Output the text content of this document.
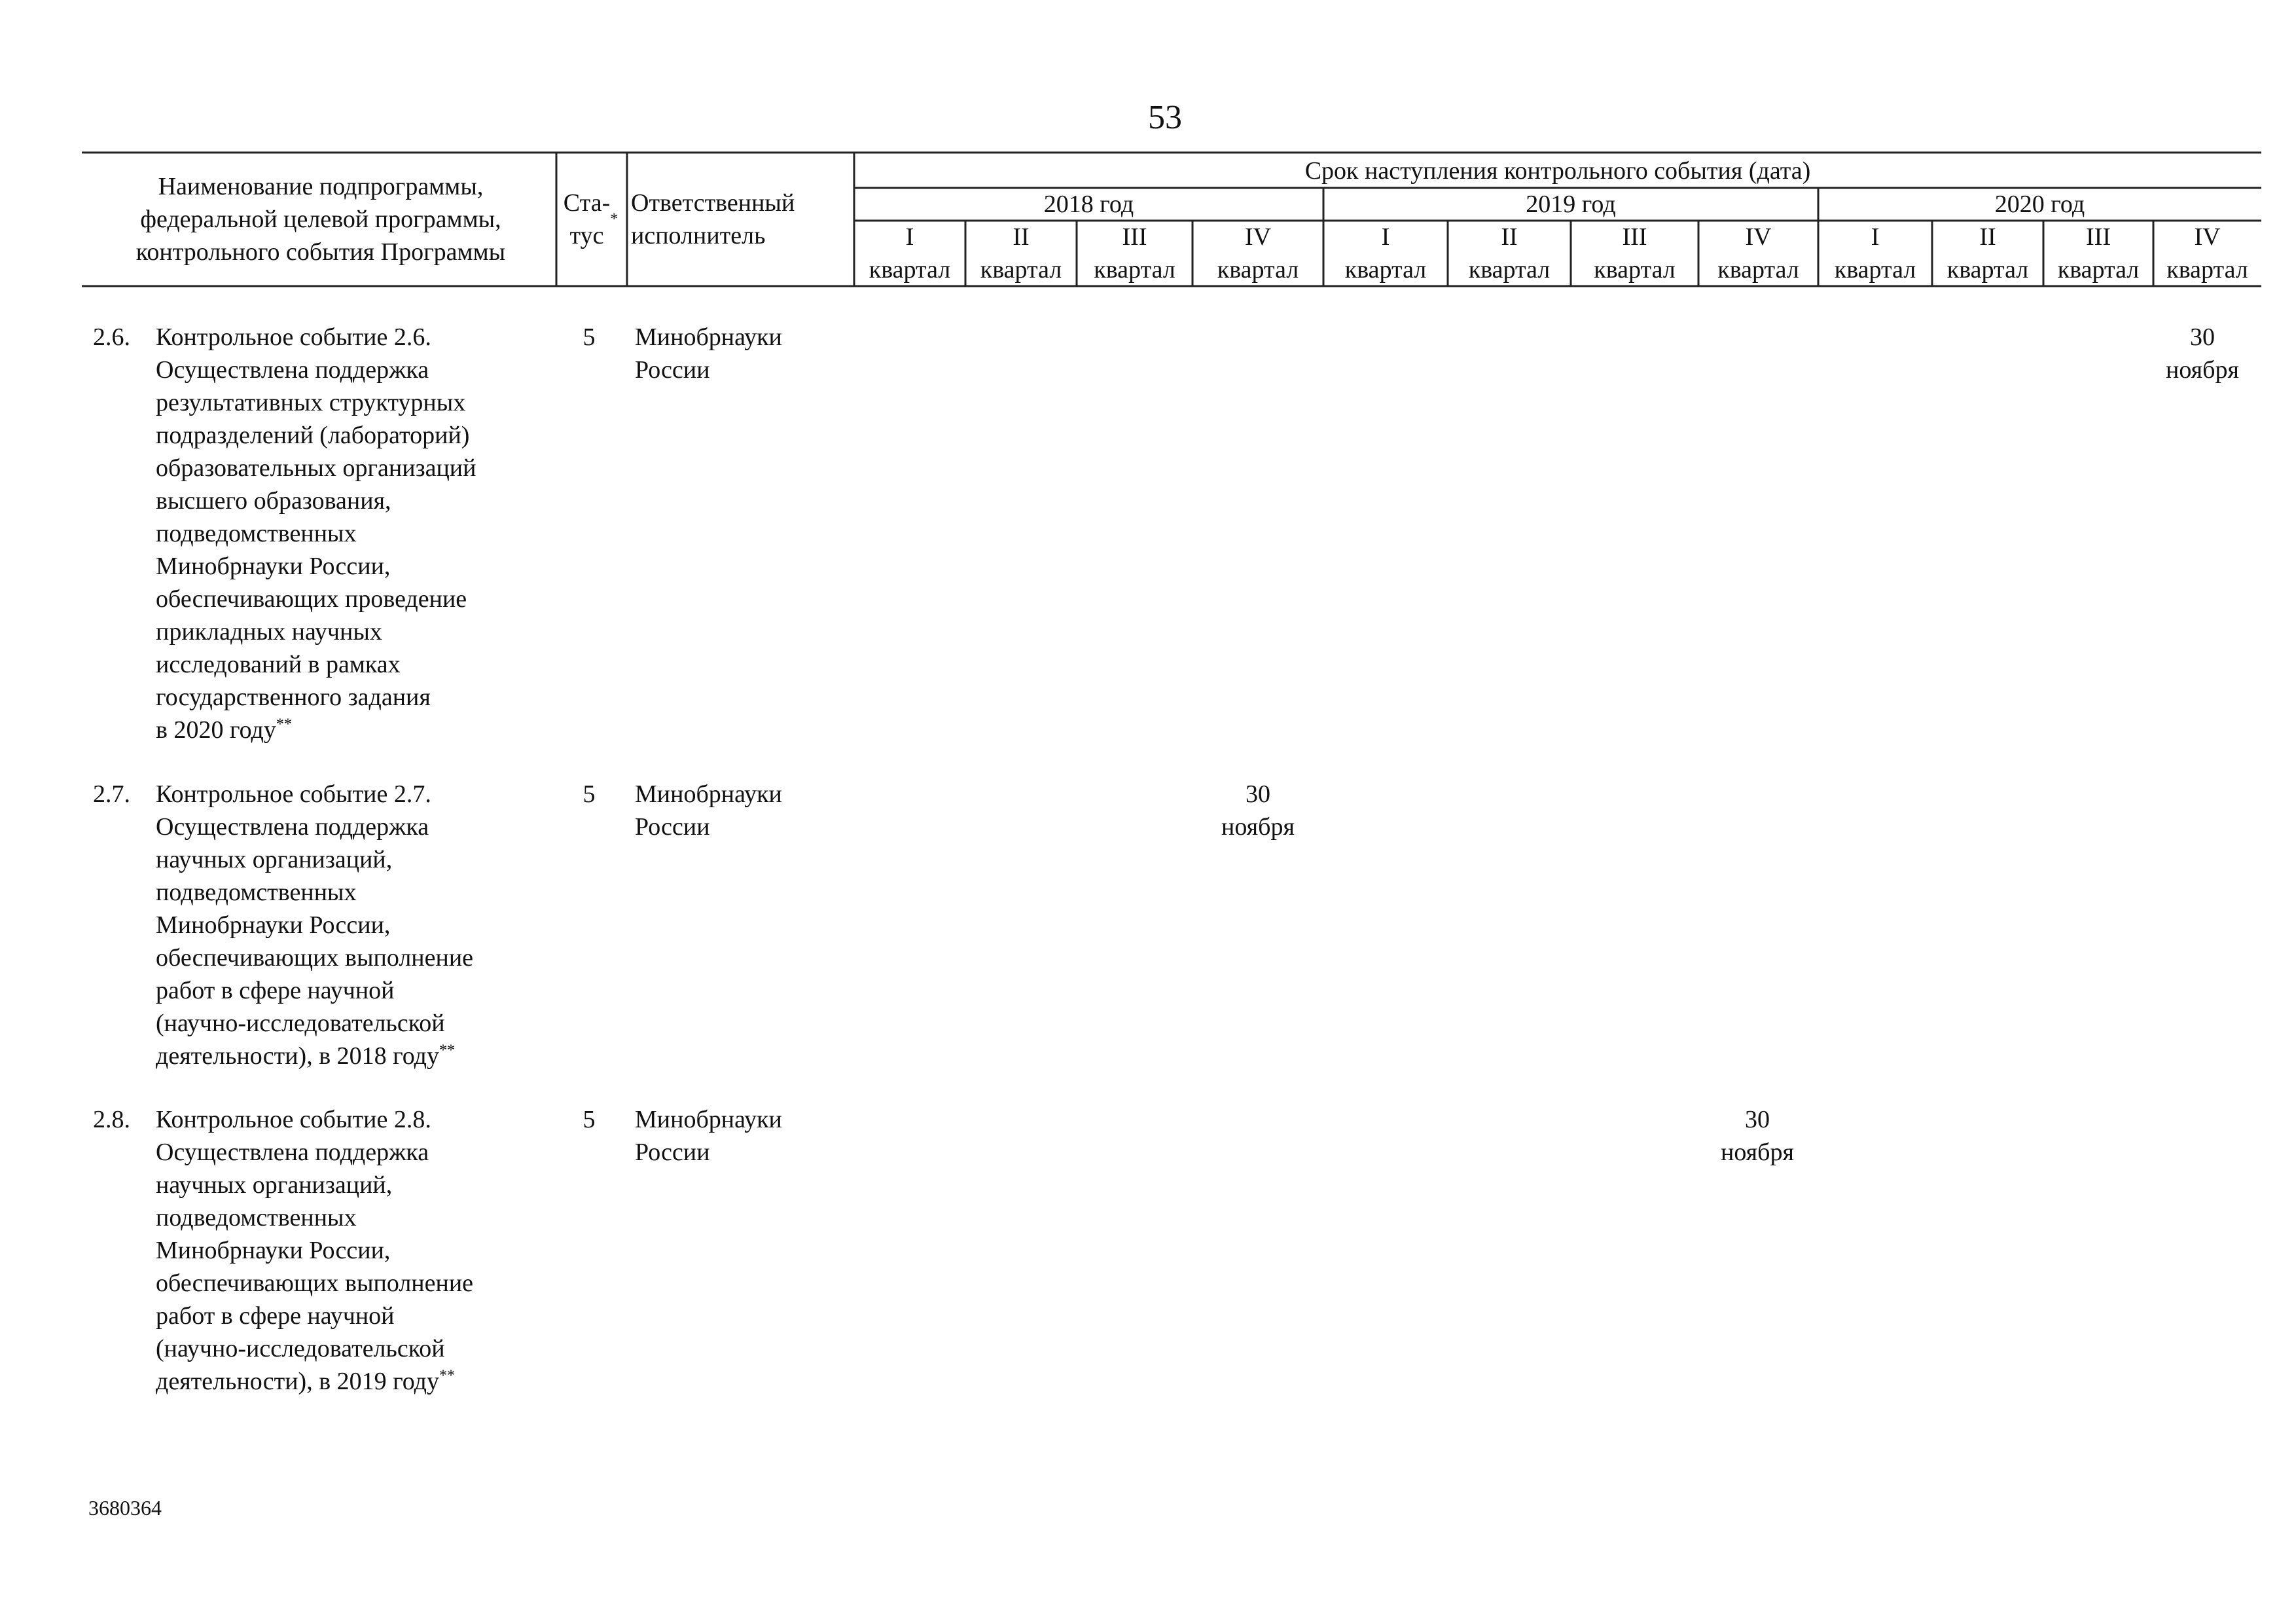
53
Наименование подпрограммы,
федеральной целевой программы,
контрольного события Программы
Ста-
тус
*
Ответственный
исполнитель
Срок наступления контрольного события (дата)
2018 год	2019 год	2020 год
I
квартал
II
квартал
III
квартал
IV
квартал
I
квартал
II
квартал
III
квартал
IV
квартал
I
квартал
II
квартал
III
квартал
IV
квартал
2.6. Контрольное событие 2.6.
Осуществлена поддержка
результативных структурных
подразделений (лабораторий)
образовательных организаций
высшего образования,
подведомственных
Минобрнауки России,
обеспечивающих проведение
прикладных научных
исследований в рамках
государственного задания
в 2020 году**
5 Минобрнауки
России
30
ноября
2.7. Контрольное событие 2.7.
Осуществлена поддержка
научных организаций,
подведомственных
Минобрнауки России,
обеспечивающих выполнение
работ в сфере научной
(научно-исследовательской
деятельности), в 2018 году**
5 Минобрнауки
России
30
ноября
2.8. Контрольное событие 2.8.
Осуществлена поддержка
научных организаций,
подведомственных
Минобрнауки России,
обеспечивающих выполнение
работ в сфере научной
(научно-исследовательской
деятельности), в 2019 году**
5 Минобрнауки
России
30
ноября
3680364
